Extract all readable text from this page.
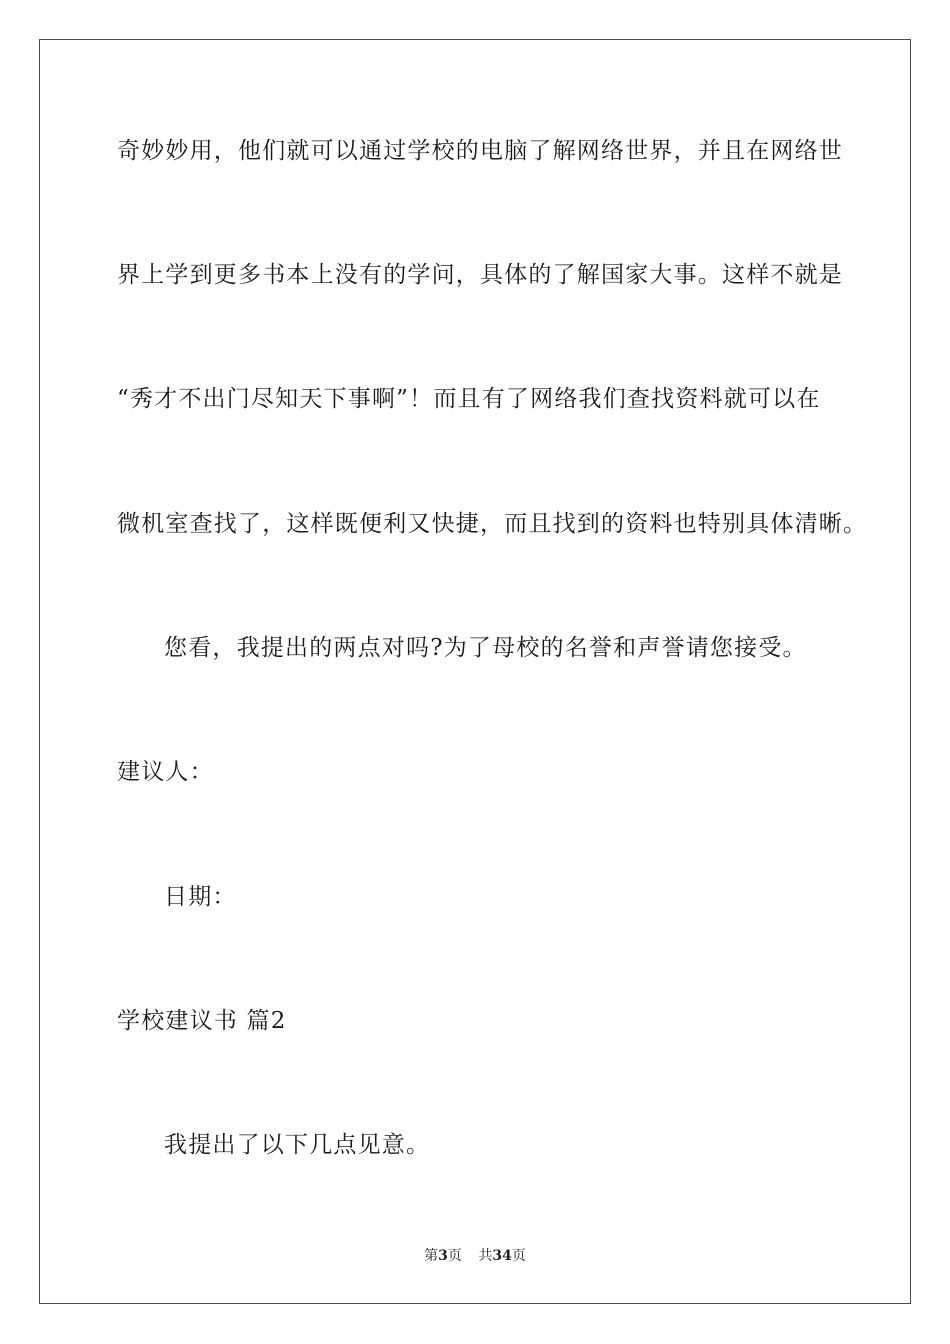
奇妙妙用，他们就可以通过学校的电脑了解网络世界，并且在网络世
界上学到更多书本上没有的学问，具体的了解国家大事。这样不就是
“秀才不出门尽知天下事啊”！而且有了网络我们查找资料就可以在
微机室查找了，这样既便利又快捷，而且找到的资料也特别具体清晰。
您看，我提出的两点对吗?为了母校的名誉和声誉请您接受。
建议人：
日期：
学校建议书 篇2
我提出了以下几点见意。
第3页 共34页
